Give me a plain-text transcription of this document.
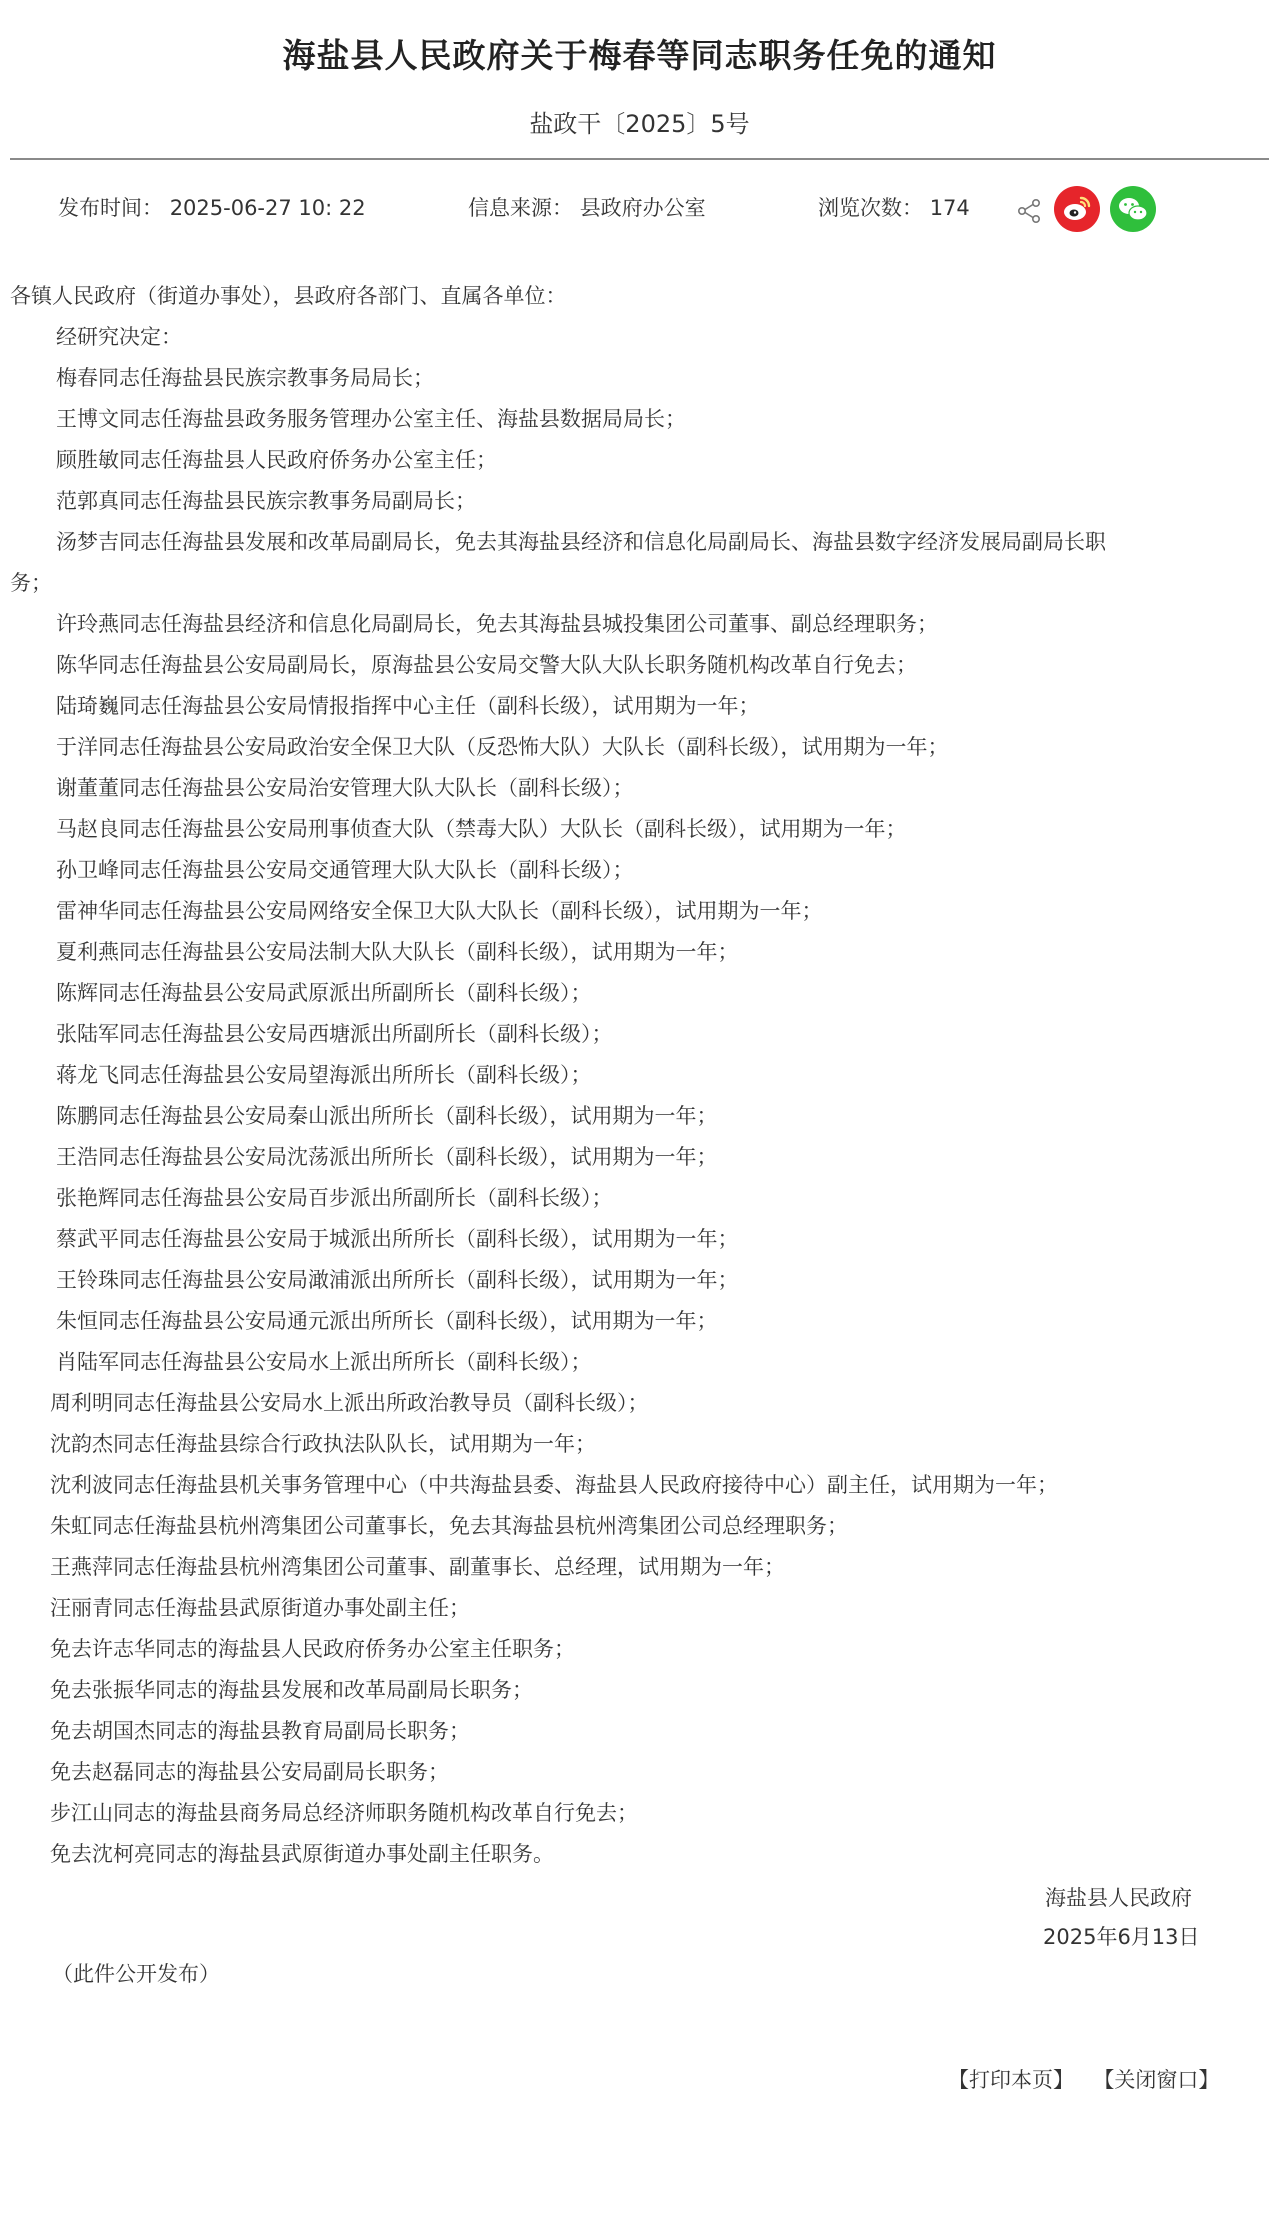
海盐县人民政府关于梅春等同志职务任免的通知
盐政干〔2025〕5号
发布时间： 2025-06-27 10: 22	信息来源： 县政府办公室	浏览次数： 174
各镇人民政府（街道办事处），县政府各部门、直属各单位：
经研究决定：
梅春同志任海盐县民族宗教事务局局长；
王博文同志任海盐县政务服务管理办公室主任、海盐县数据局局长；
顾胜敏同志任海盐县人民政府侨务办公室主任；
范郭真同志任海盐县民族宗教事务局副局长；
汤梦吉同志任海盐县发展和改革局副局长，免去其海盐县经济和信息化局副局长、海盐县数字经济发展局副局长职
务；
许玲燕同志任海盐县经济和信息化局副局长，免去其海盐县城投集团公司董事、副总经理职务；
陈华同志任海盐县公安局副局长，原海盐县公安局交警大队大队长职务随机构改革自行免去；
陆琦巍同志任海盐县公安局情报指挥中心主任（副科长级），试用期为一年；
于洋同志任海盐县公安局政治安全保卫大队（反恐怖大队）大队长（副科长级），试用期为一年；
谢董董同志任海盐县公安局治安管理大队大队长（副科长级）；
马赵良同志任海盐县公安局刑事侦查大队（禁毒大队）大队长（副科长级），试用期为一年；
孙卫峰同志任海盐县公安局交通管理大队大队长（副科长级）；
雷神华同志任海盐县公安局网络安全保卫大队大队长（副科长级），试用期为一年；
夏利燕同志任海盐县公安局法制大队大队长（副科长级），试用期为一年；
陈辉同志任海盐县公安局武原派出所副所长（副科长级）；
张陆军同志任海盐县公安局西塘派出所副所长（副科长级）；
蒋龙飞同志任海盐县公安局望海派出所所长（副科长级）；
陈鹏同志任海盐县公安局秦山派出所所长（副科长级），试用期为一年；
王浩同志任海盐县公安局沈荡派出所所长（副科长级），试用期为一年；
张艳辉同志任海盐县公安局百步派出所副所长（副科长级）；
蔡武平同志任海盐县公安局于城派出所所长（副科长级），试用期为一年；
王铃珠同志任海盐县公安局澉浦派出所所长（副科长级），试用期为一年；
朱恒同志任海盐县公安局通元派出所所长（副科长级），试用期为一年；
肖陆军同志任海盐县公安局水上派出所所长（副科长级）；
周利明同志任海盐县公安局水上派出所政治教导员（副科长级）；
沈韵杰同志任海盐县综合行政执法队队长，试用期为一年；
沈利波同志任海盐县机关事务管理中心（中共海盐县委、海盐县人民政府接待中心）副主任，试用期为一年；
朱虹同志任海盐县杭州湾集团公司董事长，免去其海盐县杭州湾集团公司总经理职务；
王燕萍同志任海盐县杭州湾集团公司董事、副董事长、总经理，试用期为一年；
汪丽青同志任海盐县武原街道办事处副主任；
免去许志华同志的海盐县人民政府侨务办公室主任职务；
免去张振华同志的海盐县发展和改革局副局长职务；
免去胡国杰同志的海盐县教育局副局长职务；
免去赵磊同志的海盐县公安局副局长职务；
步江山同志的海盐县商务局总经济师职务随机构改革自行免去；
免去沈柯亮同志的海盐县武原街道办事处副主任职务。
海盐县人民政府
2025年6月13日
（此件公开发布）
【打印本页】 【关闭窗口】
